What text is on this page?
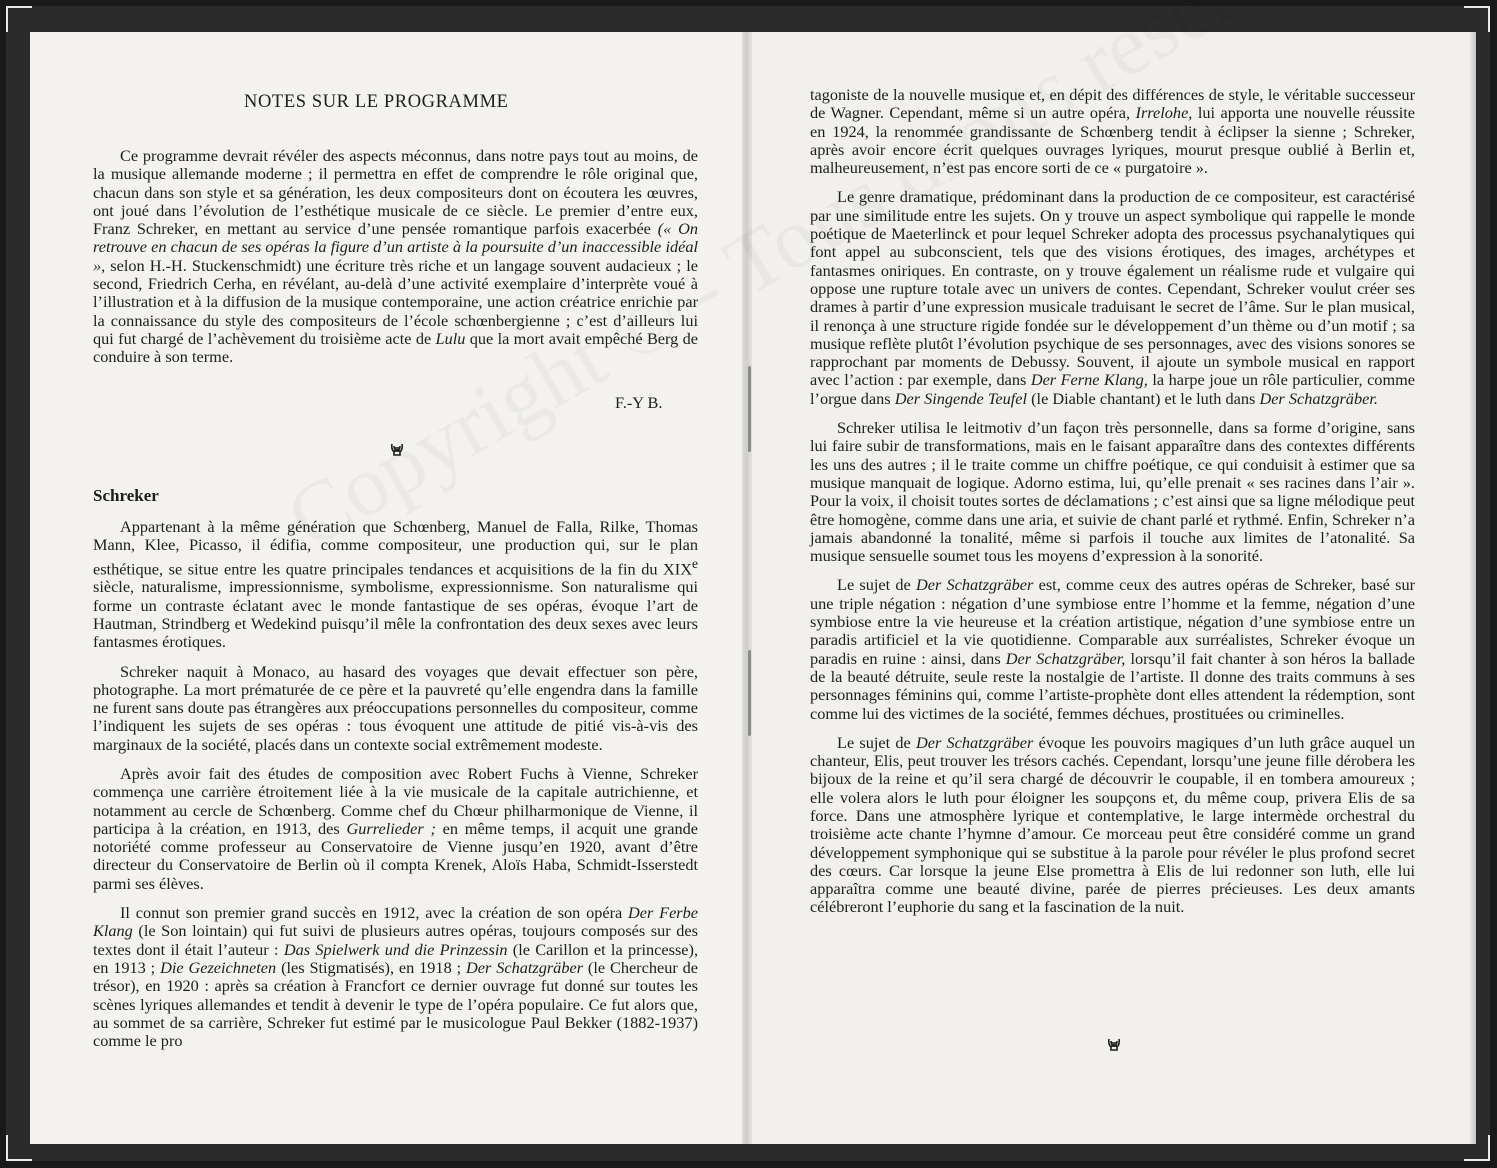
NOTES SUR LE PROGRAMME

Ce programme devrait révéler des aspects méconnus, dans notre pays tout au moins, de la musique allemande moderne ; il permettra en effet de comprendre le rôle original que, chacun dans son style et sa génération, les deux compositeurs dont on écoutera les œuvres, ont joué dans l’évolution de l’esthétique musicale de ce siècle. Le premier d’entre eux, Franz Schreker, en mettant au service d’une pensée romantique parfois exacerbée (« On retrouve en chacun de ses opéras la figure d’un artiste à la poursuite d’un inaccessible idéal », selon H.-H. Stuckenschmidt) une écriture très riche et un langage souvent audacieux ; le second, Friedrich Cerha, en révélant, au-delà d’une activité exemplaire d’interprète voué à l’illustration et à la diffusion de la musique contemporaine, une action créatrice enrichie par la connaissance du style des compositeurs de l’école schœnbergienne ; c’est d’ailleurs lui qui fut chargé de l’achèvement du troisième acte de Lulu que la mort avait empêché Berg de conduire à son terme.

F.-Y B.
Schreker

Appartenant à la même génération que Schœnberg, Manuel de Falla, Rilke, Thomas Mann, Klee, Picasso, il édifia, comme compositeur, une production qui, sur le plan esthétique, se situe entre les quatre principales tendances et acquisitions de la fin du XIXe siècle, naturalisme, impressionnisme, symbolisme, expressionnisme. Son naturalisme qui forme un contraste éclatant avec le monde fantastique de ses opéras, évoque l’art de Hautman, Strindberg et Wedekind puisqu’il mêle la confrontation des deux sexes avec leurs fantasmes érotiques.

Schreker naquit à Monaco, au hasard des voyages que devait effectuer son père, photographe. La mort prématurée de ce père et la pauvreté qu’elle engendra dans la famille ne furent sans doute pas étrangères aux préoccupations personnelles du compositeur, comme l’indiquent les sujets de ses opéras : tous évoquent une attitude de pitié vis-à-vis des marginaux de la société, placés dans un contexte social extrêmement modeste.

Après avoir fait des études de composition avec Robert Fuchs à Vienne, Schreker commença une carrière étroitement liée à la vie musicale de la capitale autrichienne, et notamment au cercle de Schœnberg. Comme chef du Chœur philharmonique de Vienne, il participa à la création, en 1913, des Gurrelieder ; en même temps, il acquit une grande notoriété comme professeur au Conservatoire de Vienne jusqu’en 1920, avant d’être directeur du Conservatoire de Berlin où il compta Krenek, Aloïs Haba, Schmidt-Isserstedt parmi ses élèves.

Il connut son premier grand succès en 1912, avec la création de son opéra Der Ferbe Klang (le Son lointain) qui fut suivi de plusieurs autres opéras, toujours composés sur des textes dont il était l’auteur : Das Spielwerk und die Prinzessin (le Carillon et la princesse), en 1913 ; Die Gezeichneten (les Stigmatisés), en 1918 ; Der Schatzgräber (le Chercheur de trésor), en 1920 : après sa création à Francfort ce dernier ouvrage fut donné sur toutes les scènes lyriques allemandes et tendit à devenir le type de l’opéra populaire. Ce fut alors que, au sommet de sa carrière, Schreker fut estimé par le musicologue Paul Bekker (1882-1937) comme le pro

tagoniste de la nouvelle musique et, en dépit des différences de style, le véritable successeur de Wagner. Cependant, même si un autre opéra, Irrelohe, lui apporta une nouvelle réussite en 1924, la renommée grandissante de Schœnberg tendit à éclipser la sienne ; Schreker, après avoir encore écrit quelques ouvrages lyriques, mourut presque oublié à Berlin et, malheureusement, n’est pas encore sorti de ce « purgatoire ».

Le genre dramatique, prédominant dans la production de ce compositeur, est caractérisé par une similitude entre les sujets. On y trouve un aspect symbolique qui rappelle le monde poétique de Maeterlinck et pour lequel Schreker adopta des processus psychanalytiques qui font appel au subconscient, tels que des visions érotiques, des images, archétypes et fantasmes oniriques. En contraste, on y trouve également un réalisme rude et vulgaire qui oppose une rupture totale avec un univers de contes. Cependant, Schreker voulut créer ses drames à partir d’une expression musicale traduisant le secret de l’âme. Sur le plan musical, il renonça à une structure rigide fondée sur le développement d’un thème ou d’un motif ; sa musique reflète plutôt l’évolution psychique de ses personnages, avec des visions sonores se rapprochant par moments de Debussy. Souvent, il ajoute un symbole musical en rapport avec l’action : par exemple, dans Der Ferne Klang, la harpe joue un rôle particulier, comme l’orgue dans Der Singende Teufel (le Diable chantant) et le luth dans Der Schatzgräber.

Schreker utilisa le leitmotiv d’un façon très personnelle, dans sa forme d’origine, sans lui faire subir de transformations, mais en le faisant apparaître dans des contextes différents les uns des autres ; il le traite comme un chiffre poétique, ce qui conduisit à estimer que sa musique manquait de logique. Adorno estima, lui, qu’elle prenait « ses racines dans l’air ». Pour la voix, il choisit toutes sortes de déclamations ; c’est ainsi que sa ligne mélodique peut être homogène, comme dans une aria, et suivie de chant parlé et rythmé. Enfin, Schreker n’a jamais abandonné la tonalité, même si parfois il touche aux limites de l’atonalité. Sa musique sensuelle soumet tous les moyens d’expression à la sonorité.

Le sujet de Der Schatzgräber est, comme ceux des autres opéras de Schreker, basé sur une triple négation : négation d’une symbiose entre l’homme et la femme, négation d’une symbiose entre la vie heureuse et la création artistique, négation d’une symbiose entre un paradis artificiel et la vie quotidienne. Comparable aux surréalistes, Schreker évoque un paradis en ruine : ainsi, dans Der Schatzgräber, lorsqu’il fait chanter à son héros la ballade de la beauté détruite, seule reste la nostalgie de l’artiste. Il donne des traits communs à ses personnages féminins qui, comme l’artiste-prophète dont elles attendent la rédemption, sont comme lui des victimes de la société, femmes déchues, prostituées ou criminelles.

Le sujet de Der Schatzgräber évoque les pouvoirs magiques d’un luth grâce auquel un chanteur, Elis, peut trouver les trésors cachés. Cependant, lorsqu’une jeune fille dérobera les bijoux de la reine et qu’il sera chargé de découvrir le coupable, il en tombera amoureux ; elle volera alors le luth pour éloigner les soupçons et, du même coup, privera Elis de sa force. Dans une atmosphère lyrique et contemplative, le large intermède orchestral du troisième acte chante l’hymne d’amour. Ce morceau peut être considéré comme un grand développement symphonique qui se substitue à la parole pour révéler le plus profond secret des cœurs. Car lorsque la jeune Else promettra à Elis de lui redonner son luth, elle lui apparaîtra comme une beauté divine, parée de pierres précieuses. Les deux amants célébreront l’euphorie du sang et la fascination de la nuit.
